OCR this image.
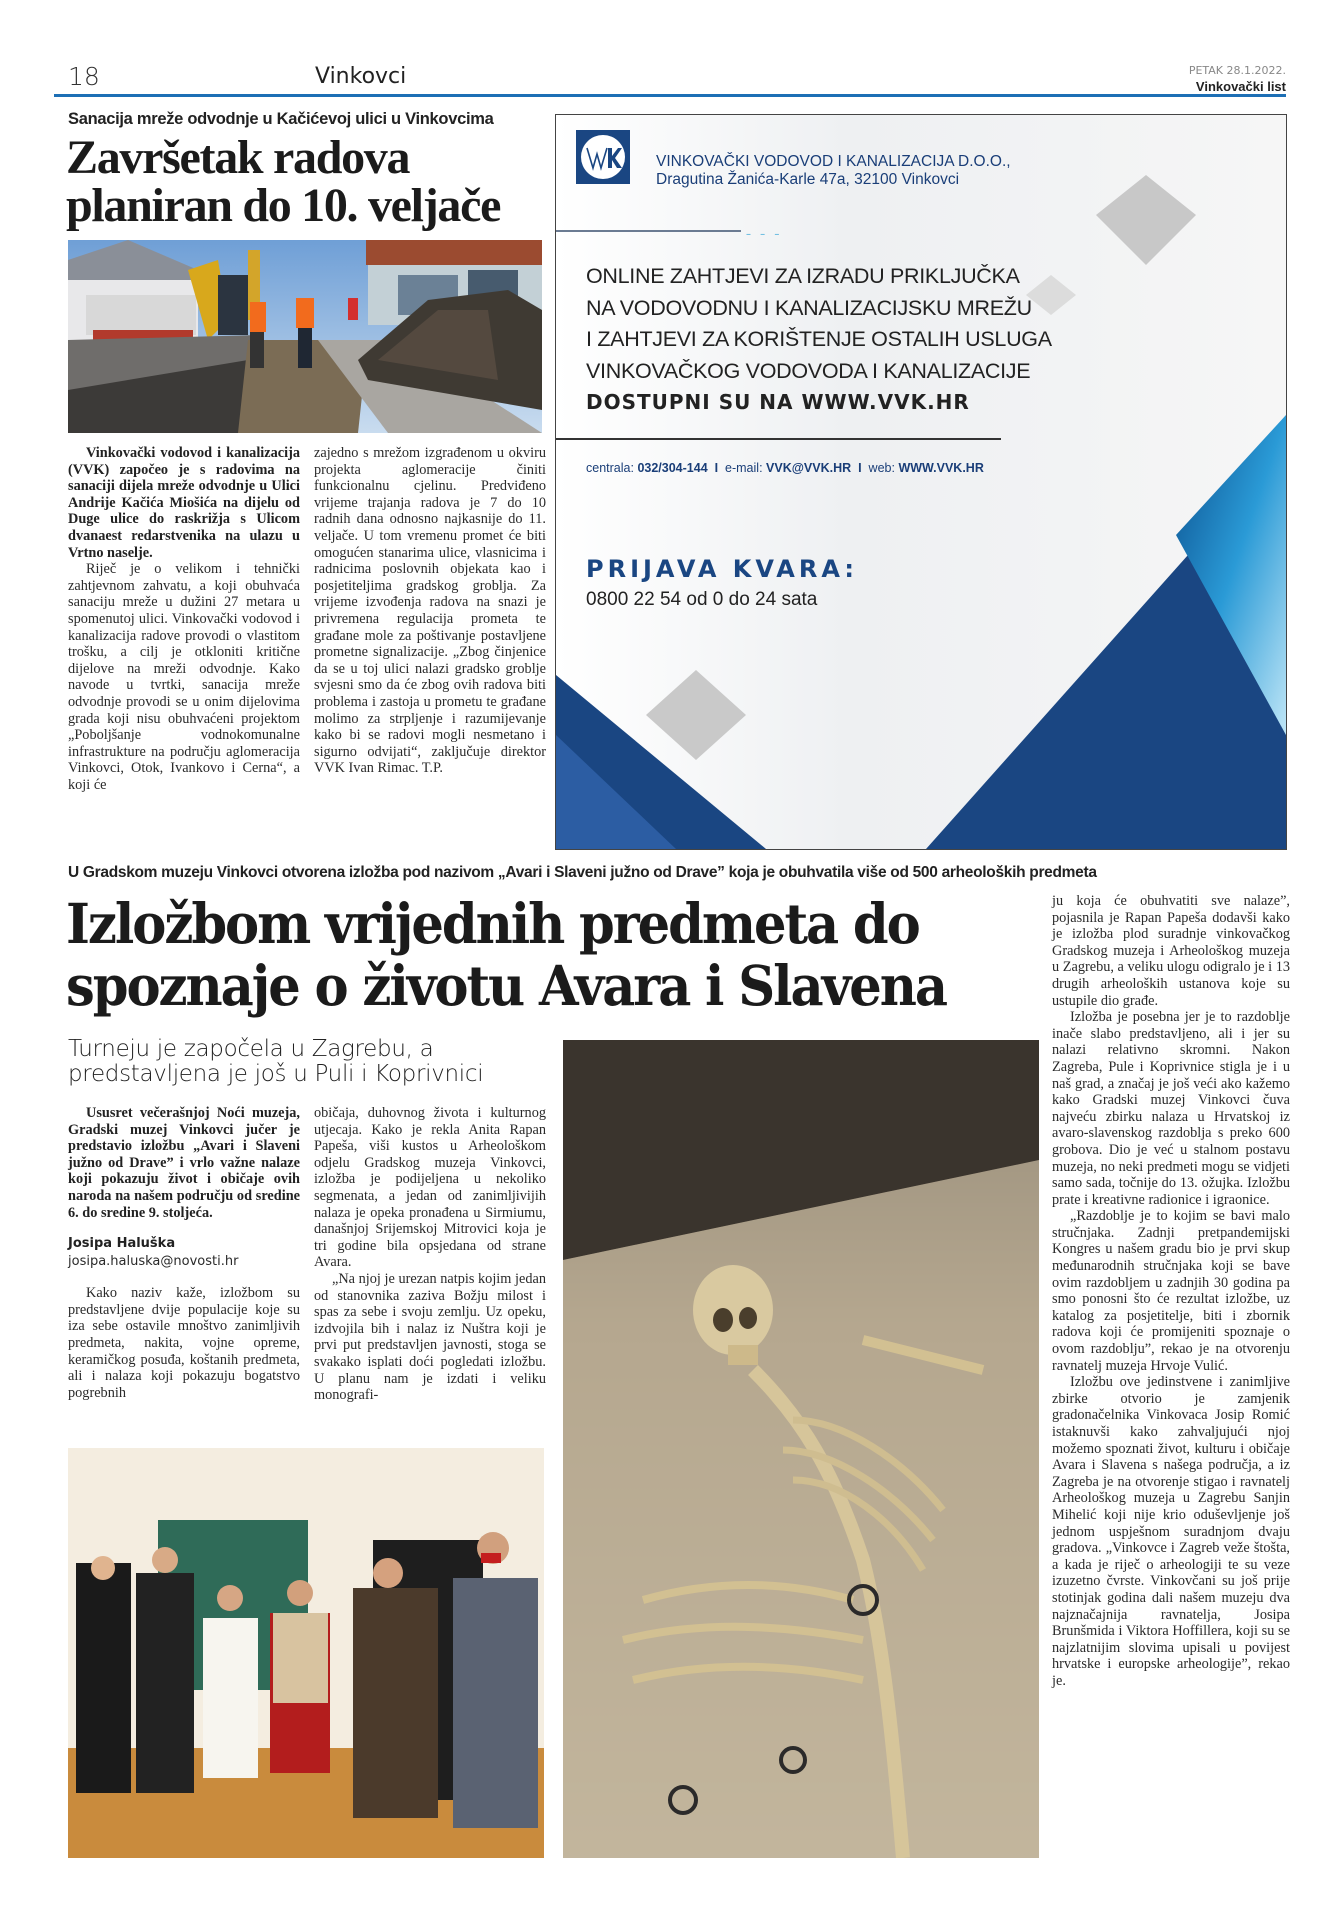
18	Vinkovci	PETAK 28.1.2022.
Vinkovački list
Sanacija mreže odvodnje u Kačićevoj ulici u Vinkovcima
Završetak radova
planiran do 10. veljače

Vinkovački vodovod i kanalizacija (VVK) započeo je s radovima na sanaciji dijela mreže odvodnje u Ulici Andrije Kačića Miošića na dijelu od Duge ulice do raskrižja s Ulicom dvanaest redarstvenika na ulazu u Vrtno naselje.

Riječ je o velikom i tehnički zahtjevnom zahvatu, a koji obuhvaća sanaciju mreže u dužini 27 metara u spomenutoj ulici. Vinkovački vodovod i kanalizacija radove provodi o vlastitom trošku, a cilj je otkloniti kritične dijelove na mreži odvodnje. Kako navode u tvrtki, sanacija mreže odvodnje provodi se u onim dijelovima grada koji nisu obuhvaćeni projektom „Poboljšanje vodnokomunalne infrastrukture na području aglomeracija Vinkovci, Otok, Ivankovo i Cerna“, a koji će

zajedno s mrežom izgrađenom u okviru projekta aglomeracije činiti funkcionalnu cjelinu. Predviđeno vrijeme trajanja radova je 7 do 10 radnih dana odnosno najkasnije do 11. veljače. U tom vremenu promet će biti omogućen stanarima ulice, vlasnicima i radnicima poslovnih objekata kao i posjetiteljima gradskog groblja. Za vrijeme izvođenja radova na snazi je privremena regulacija prometa te građane mole za poštivanje postavljene prometne signalizacije. „Zbog činjenice da se u toj ulici nalazi gradsko groblje svjesni smo da će zbog ovih radova biti problema i zastoja u prometu te građane molimo za strpljenje i razumijevanje kako bi se radovi mogli nesmetano i sigurno odvijati“, zaključuje direktor VVK Ivan Rimac. T.P.

VINKOVAČKI VODOVOD I KANALIZACIJA D.O.O.,
Dragutina Žanića-Karle 47a, 32100 Vinkovci
– – –
ONLINE ZAHTJEVI ZA IZRADU PRIKLJUČKA
NA VODOVODNU I KANALIZACIJSKU MREŽU
I ZAHTJEVI ZA KORIŠTENJE OSTALIH USLUGA
VINKOVAČKOG VODOVODA I KANALIZACIJE
DOSTUPNI SU NA WWW.VVK.HR
centrala: 032/304-144 I e-mail: VVK@VVK.HR I web: WWW.VVK.HR
PRIJAVA KVARA:
0800 22 54 od 0 do 24 sata
U Gradskom muzeju Vinkovci otvorena izložba pod nazivom „Avari i Slaveni južno od Drave” koja je obuhvatila više od 500 arheoloških predmeta
Izložbom vrijednih predmeta do
spoznaje o životu Avara i Slavena
Turneju je započela u Zagrebu, a
predstavljena je još u Puli i Koprivnici

Ususret večerašnjoj Noći muzeja, Gradski muzej Vinkovci jučer je predstavio izložbu „Avari i Slaveni južno od Drave” i vrlo važne nalaze koji pokazuju život i običaje ovih naroda na našem području od sredine 6. do sredine 9. stoljeća.

Josipa Haluška
josipa.haluska@novosti.hr

Kako naziv kaže, izložbom su predstavljene dvije populacije koje su iza sebe ostavile mnoštvo zanimljivih predmeta, nakita, vojne opreme, keramičkog posuđa, koštanih predmeta, ali i nalaza koji pokazuju bogatstvo pogrebnih

običaja, duhovnog života i kulturnog utjecaja. Kako je rekla Anita Rapan Papeša, viši kustos u Arheološkom odjelu Gradskog muzeja Vinkovci, izložba je podijeljena u nekoliko segmenata, a jedan od zanimljivijih nalaza je opeka pronađena u Sirmiumu, današnjoj Srijemskoj Mitrovici koja je tri godine bila opsjedana od strane Avara.

„Na njoj je urezan natpis kojim jedan od stanovnika zaziva Božju milost i spas za sebe i svoju zemlju. Uz opeku, izdvojila bih i nalaz iz Nuštra koji je prvi put predstavljen javnosti, stoga se svakako isplati doći pogledati izložbu. U planu nam je izdati i veliku monografi-

ju koja će obuhvatiti sve nalaze”, pojasnila je Rapan Papeša dodavši kako je izložba plod suradnje vinkovačkog Gradskog muzeja i Arheološkog muzeja u Zagrebu, a veliku ulogu odigralo je i 13 drugih arheoloških ustanova koje su ustupile dio građe.

Izložba je posebna jer je to razdoblje inače slabo predstavljeno, ali i jer su nalazi relativno skromni. Nakon Zagreba, Pule i Koprivnice stigla je i u naš grad, a značaj je još veći ako kažemo kako Gradski muzej Vinkovci čuva najveću zbirku nalaza u Hrvatskoj iz avaro-slavenskog razdoblja s preko 600 grobova. Dio je već u stalnom postavu muzeja, no neki predmeti mogu se vidjeti samo sada, točnije do 13. ožujka. Izložbu prate i kreativne radionice i igraonice.

„Razdoblje je to kojim se bavi malo stručnjaka. Zadnji pretpandemijski Kongres u našem gradu bio je prvi skup međunarodnih stručnjaka koji se bave ovim razdobljem u zadnjih 30 godina pa smo ponosni što će rezultat izložbe, uz katalog za posjetitelje, biti i zbornik radova koji će promijeniti spoznaje o ovom razdoblju”, rekao je na otvorenju ravnatelj muzeja Hrvoje Vulić.

Izložbu ove jedinstvene i zanimljive zbirke otvorio je zamjenik gradonačelnika Vinkovaca Josip Romić istaknuvši kako zahvaljujući njoj možemo spoznati život, kulturu i običaje Avara i Slavena s našega područja, a iz Zagreba je na otvorenje stigao i ravnatelj Arheološkog muzeja u Zagrebu Sanjin Mihelić koji nije krio oduševljenje još jednom uspješnom suradnjom dvaju gradova. „Vinkovce i Zagreb veže štošta, a kada je riječ o arheologiji te su veze izuzetno čvrste. Vinkovčani su još prije stotinjak godina dali našem muzeju dva najznačajnija ravnatelja, Josipa Brunšmida i Viktora Hoffillera, koji su se najzlatnijim slovima upisali u povijest hrvatske i europske arheologije”, rekao je.
